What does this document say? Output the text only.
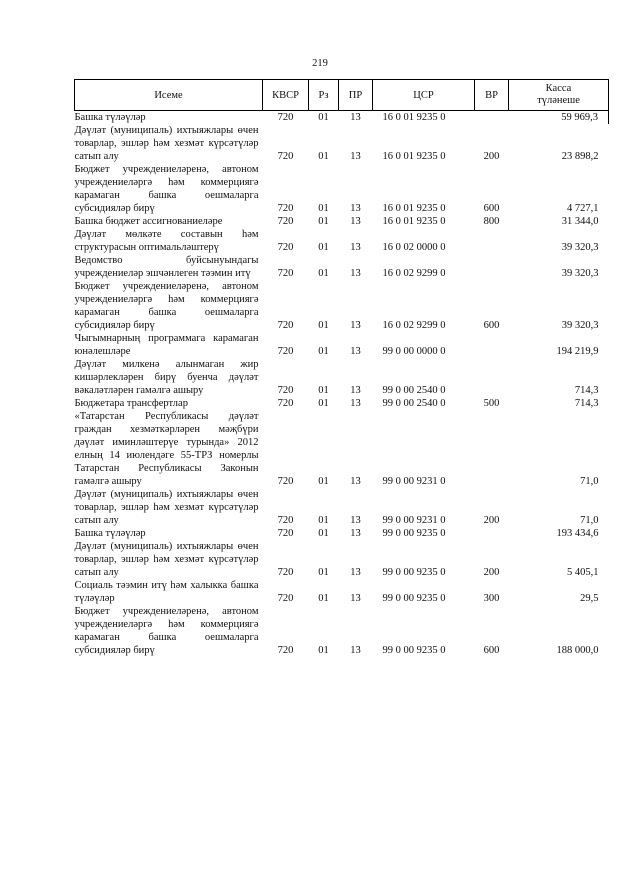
219
Исеме	КВСР	Рз	ПР	ЦСР	ВР	Касса
түләнеше
Башка түләүләр	720	01	13	16 0 01 9235 0		59 969,3
Дәүләт (муниципаль) ихтыяжлары өчен товарлар, эшләр һәм хезмәт күрсәтүләр сатып алу	720	01	13	16 0 01 9235 0	200	23 898,2
Бюджет учреждениеләренә, автоном учреждениеләргә һәм коммерциягә карамаган башка оешмаларга субсидияләр бирү	720	01	13	16 0 01 9235 0	600	4 727,1
Башка бюджет ассигнованиеләре	720	01	13	16 0 01 9235 0	800	31 344,0
Дәүләт мөлкәте составын һәм структурасын оптимальләштерү	720	01	13	16 0 02 0000 0		39 320,3
Ведомство буйсынуындагы учреждениеләр эшчәнлеген тәэмин итү	720	01	13	16 0 02 9299 0		39 320,3
Бюджет учреждениеләренә, автоном учреждениеләргә һәм коммерциягә карамаган башка оешмаларга субсидияләр бирү	720	01	13	16 0 02 9299 0	600	39 320,3
Чыгымнарның программага карамаган юнәлешләре	720	01	13	99 0 00 0000 0		194 219,9
Дәүләт милкенә алынмаган жир кишәрлекләрен бирү буенча дәүләт вәкаләтләрен гамәлгә ашыру	720	01	13	99 0 00 2540 0		714,3
Бюджетара трансфертлар	720	01	13	99 0 00 2540 0	500	714,3
«Татарстан Республикасы дәүләт граждан хезмәткәрләрен мәҗбүри дәүләт иминләштерүе турында» 2012 елның 14 июлендәге 55-ТРЗ номерлы Татарстан Республикасы Законын гамәлгә ашыру	720	01	13	99 0 00 9231 0		71,0
Дәүләт (муниципаль) ихтыяжлары өчен товарлар, эшләр һәм хезмәт күрсәтүләр сатып алу	720	01	13	99 0 00 9231 0	200	71,0
Башка түләүләр	720	01	13	99 0 00 9235 0		193 434,6
Дәүләт (муниципаль) ихтыяжлары өчен товарлар, эшләр һәм хезмәт күрсәтүләр сатып алу	720	01	13	99 0 00 9235 0	200	5 405,1
Социаль тәэмин итү һәм халыкка башка түләүләр	720	01	13	99 0 00 9235 0	300	29,5
Бюджет учреждениеләренә, автоном учреждениеләргә һәм коммерциягә карамаган башка оешмаларга субсидияләр бирү	720	01	13	99 0 00 9235 0	600	188 000,0
